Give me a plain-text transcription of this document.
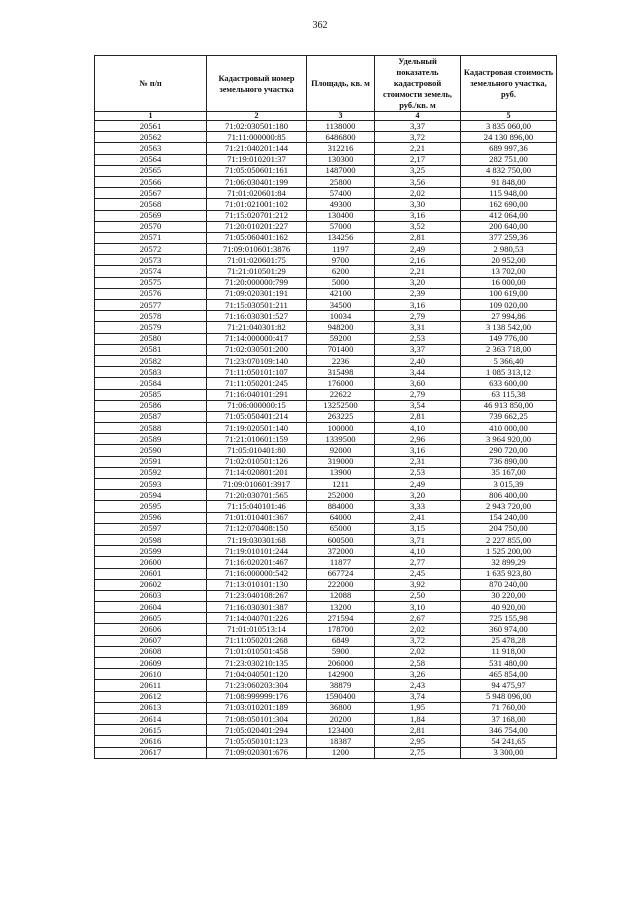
362
№ п/п	Кадастровый номер земельного участка	Площадь, кв. м	Удельный показатель кадастровой стоимости земель, руб./кв. м	Кадастровая стоимость земельного участка, руб.
1	2	3	4	5
20561	71:02:030501:180	1138000	3,37	3 835 060,00
20562	71:11:000000:85	6486800	3,72	24 130 896,00
20563	71:21:040201:144	312216	2,21	689 997,36
20564	71:19:010201:37	130300	2,17	282 751,00
20565	71:05:050601:161	1487000	3,25	4 832 750,00
20566	71:06:030401:199	25800	3,56	91 848,00
20567	71:01:020601:84	57400	2,02	115 948,00
20568	71:01:021001:102	49300	3,30	162 690,00
20569	71:15:020701:212	130400	3,16	412 064,00
20570	71:20:010201:227	57000	3,52	200 640,00
20571	71:05:060401:162	134256	2,81	377 259,36
20572	71:09:010601:3876	1197	2,49	2 980,53
20573	71:01:020601:75	9700	2,16	20 952,00
20574	71:21:010501:29	6200	2,21	13 702,00
20575	71:20:000000:799	5000	3,20	16 000,00
20576	71:09:020301:191	42100	2,39	100 619,00
20577	71:15:030501:211	34500	3,16	109 020,00
20578	71:16:030301:527	10034	2,79	27 994,86
20579	71:21:040301:82	948200	3,31	3 138 542,00
20580	71:14:000000:417	59200	2,53	149 776,00
20581	71:02:030501:200	701400	3,37	2 363 718,00
20582	71:23:070109:140	2236	2,40	5 366,40
20583	71:11:050101:107	315498	3,44	1 085 313,12
20584	71:11:050201:245	176000	3,60	633 600,00
20585	71:16:040101:291	22622	2,79	63 115,38
20586	71:06:000000:15	13252500	3,54	46 913 850,00
20587	71:05:050401:214	263225	2,81	739 662,25
20588	71:19:020501:140	100000	4,10	410 000,00
20589	71:21:010601:159	1339500	2,96	3 964 920,00
20590	71:05:010401:80	92000	3,16	290 720,00
20591	71:02:010501:126	319000	2,31	736 890,00
20592	71:14:020801:201	13900	2,53	35 167,00
20593	71:09:010601:3917	1211	2,49	3 015,39
20594	71:20:030701:565	252000	3,20	806 400,00
20595	71:15:040101:46	884000	3,33	2 943 720,00
20596	71:01:010401:367	64000	2,41	154 240,00
20597	71:12:070408:150	65000	3,15	204 750,00
20598	71:19:030301:68	600500	3,71	2 227 855,00
20599	71:19:010101:244	372000	4,10	1 525 200,00
20600	71:16:020201:467	11877	2,77	32 899,29
20601	71:16:000000:542	667724	2,45	1 635 923,80
20602	71:13:010101:130	222000	3,92	870 240,00
20603	71:23:040108:267	12088	2,50	30 220,00
20604	71:16:030301:387	13200	3,10	40 920,00
20605	71:14:040701:226	271594	2,67	725 155,98
20606	71:01:010513:14	178700	2,02	360 974,00
20607	71:11:050201:268	6849	3,72	25 478,28
20608	71:01:010501:458	5900	2,02	11 918,00
20609	71:23:030210:135	206000	2,58	531 480,00
20610	71:04:040501:120	142900	3,26	465 854,00
20611	71:23:060203:304	38879	2,43	94 475,97
20612	71:08:999999:176	1590400	3,74	5 948 096,00
20613	71:03:010201:189	36800	1,95	71 760,00
20614	71:08:050101:304	20200	1,84	37 168,00
20615	71:05:020401:294	123400	2,81	346 754,00
20616	71:05:050101:123	18387	2,95	54 241,65
20617	71:09:020301:676	1200	2,75	3 300,00
